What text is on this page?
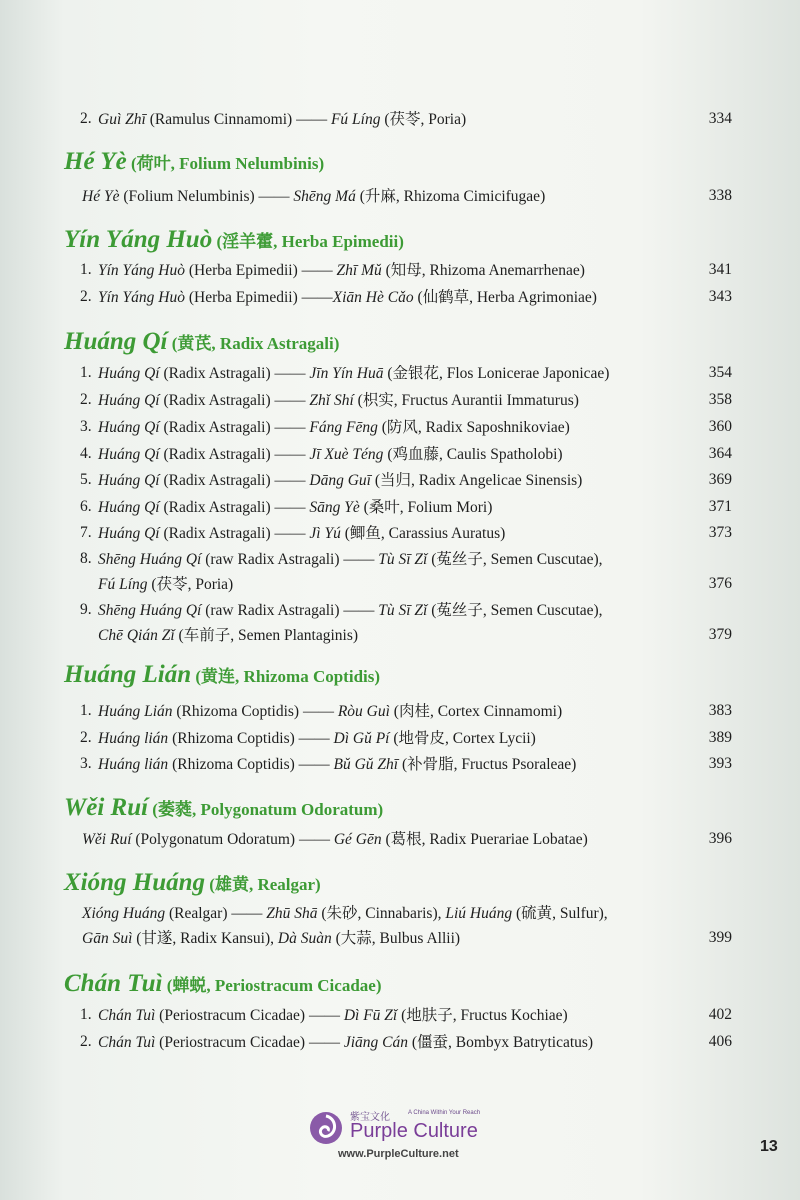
2. Guì Zhī (Ramulus Cinnamomi) —— Fú Líng (茯苓, Poria)	334
Hé Yè (荷叶, Folium Nelumbinis)
Hé Yè (Folium Nelumbinis) —— Shēng Má (升麻, Rhizoma Cimicifugae)	338
Yín Yáng Huò (淫羊藿, Herba Epimedii)
1. Yín Yáng Huò (Herba Epimedii) —— Zhī Mǔ (知母, Rhizoma Anemarrhenae)	341
2. Yín Yáng Huò (Herba Epimedii) ——Xiān Hè Cǎo (仙鹤草, Herba Agrimoniae)	343
Huáng Qí (黄芪, Radix Astragali)
1. Huáng Qí (Radix Astragali) —— Jīn Yín Huā (金银花, Flos Lonicerae Japonicae)	354
2. Huáng Qí (Radix Astragali) —— Zhǐ Shí (枳实, Fructus Aurantii Immaturus)	358
3. Huáng Qí (Radix Astragali) —— Fáng Fēng (防风, Radix Saposhnikoviae)	360
4. Huáng Qí (Radix Astragali) —— Jī Xuè Téng (鸡血藤, Caulis Spatholobi)	364
5. Huáng Qí (Radix Astragali) —— Dāng Guī (当归, Radix Angelicae Sinensis)	369
6. Huáng Qí (Radix Astragali) —— Sāng Yè (桑叶, Folium Mori)	371
7. Huáng Qí (Radix Astragali) —— Jì Yú (鲫鱼, Carassius Auratus)	373
8. Shēng Huáng Qí (raw Radix Astragali) —— Tù Sī Zǐ (菟丝子, Semen Cuscutae),
Fú Líng (茯苓, Poria)	376
9. Shēng Huáng Qí (raw Radix Astragali) —— Tù Sī Zǐ (菟丝子, Semen Cuscutae),
Chē Qián Zǐ (车前子, Semen Plantaginis)	379
Huáng Lián (黄连, Rhizoma Coptidis)
1. Huáng Lián (Rhizoma Coptidis) —— Ròu Guì (肉桂, Cortex Cinnamomi)	383
2. Huáng lián (Rhizoma Coptidis) —— Dì Gǔ Pí (地骨皮, Cortex Lycii)	389
3. Huáng lián (Rhizoma Coptidis) —— Bǔ Gǔ Zhī (补骨脂, Fructus Psoraleae)	393
Wěi Ruí (萎蕤, Polygonatum Odoratum)
Wěi Ruí (Polygonatum Odoratum) —— Gé Gēn (葛根, Radix Puerariae Lobatae)	396
Xióng Huáng (雄黄, Realgar)
Xióng Huáng (Realgar) —— Zhū Shā (朱砂, Cinnabaris), Liú Huáng (硫黄, Sulfur),
Gān Suì (甘遂, Radix Kansui), Dà Suàn (大蒜, Bulbus Allii)	399
Chán Tuì (蝉蜕, Periostracum Cicadae)
1. Chán Tuì (Periostracum Cicadae) —— Dì Fū Zǐ (地肤子, Fructus Kochiae)	402
2. Chán Tuì (Periostracum Cicadae) —— Jiāng Cán (僵蚕, Bombyx Batryticatus)	406
紫宝文化	A China Within Your Reach
Purple Culture
www.PurpleCulture.net	13
